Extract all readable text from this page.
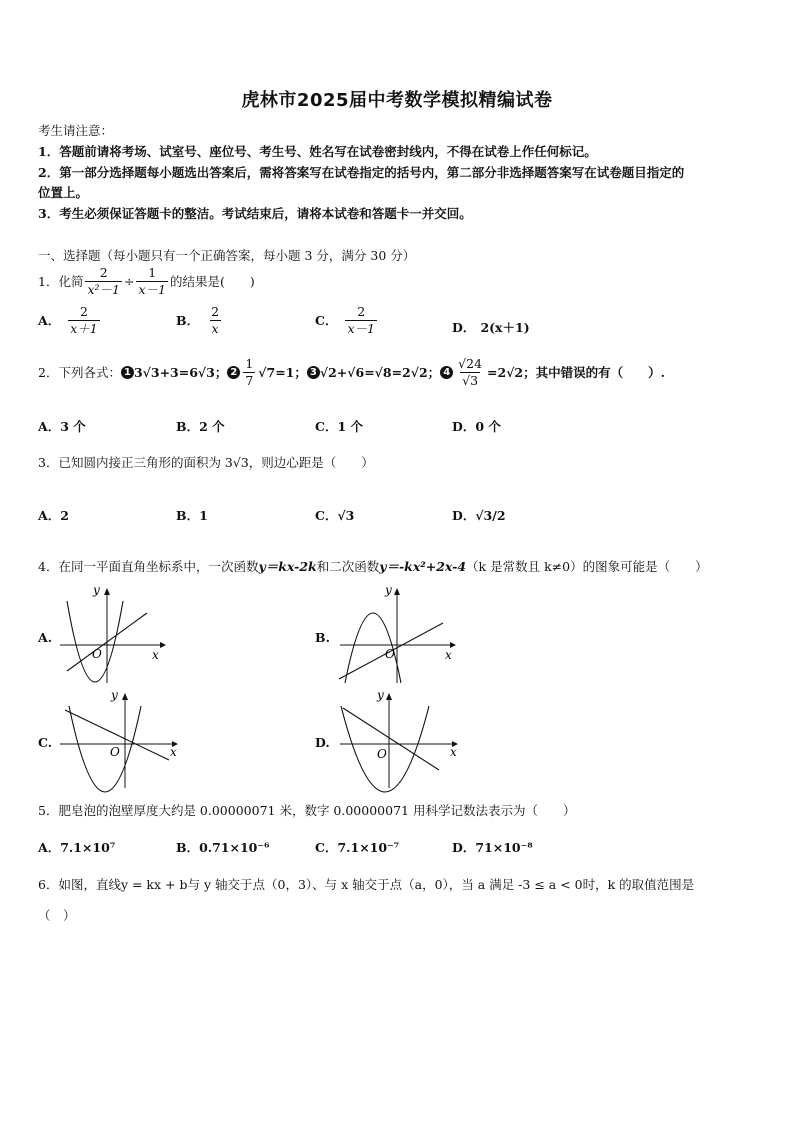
虎林市2025届中考数学模拟精编试卷
考生请注意：
1．答题前请将考场、试室号、座位号、考生号、姓名写在试卷密封线内，不得在试卷上作任何标记。
2．第一部分选择题每小题选出答案后，需将答案写在试卷指定的括号内，第二部分非选择题答案写在试卷题目指定的
位置上。
3．考生必须保证答题卡的整洁。考试结束后，请将本试卷和答题卡一并交回。
一、选择题（每小题只有一个正确答案，每小题 3 分，满分 30 分）
1．化简 $\frac{2}{\text{x²－1}} \div \frac{1}{x-1}$ 的结果是(　　)
A． $\frac{2}{x+1}$	B． $\frac{2}{x}$	C． $\frac{2}{x-1}$	D． 2(x＋1)
2．下列各式： 1 3√3+3=6√3； $2 \frac{1}{7} √7=1$； 3 √2+√6=√8=2√2； $4 \frac{√24}{√3} =2√2$；其中错误的有（　　）.
A．3 个	B．2 个	C．1 个	D．0 个
3．已知圆内接正三角形的面积为 3√3，则边心距是（　　）
A．2	B．1	C．√3	D．√3/2
4．在同一平面直角坐标系中，一次函数y＝kx-2k和二次函数y＝-kx²+2x-4（k 是常数且 k≠0）的图象可能是（　　）
A.	B.
C.	D.
y
x
O
y
x
O
y
x
O
y
x
O
5．肥皂泡的泡壁厚度大约是 0.00000071 米，数字 0.00000071 用科学记数法表示为（　　）
A．7.1×10⁷	B．0.71×10⁻⁶	C．7.1×10⁻⁷	D．71×10⁻⁸
6．如图，直线y = kx + b与 y 轴交于点（0，3）、与 x 轴交于点（a，0），当 a 满足 -3 ≤ a < 0时，k 的取值范围是
（　）
